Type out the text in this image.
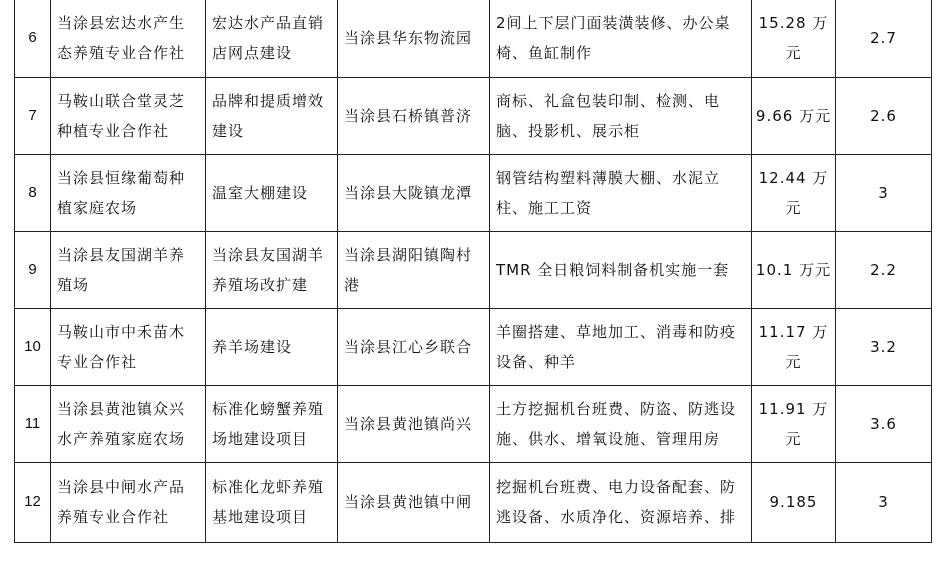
6	当涂县宏达水产生态养殖专业合作社	宏达水产品直销店网点建设	当涂县华东物流园	2间上下层门面装潢装修、办公桌椅、鱼缸制作	15.28 万元	2.7
7	马鞍山联合堂灵芝种植专业合作社	品牌和提质增效建设	当涂县石桥镇普济	商标、礼盒包装印制、检测、电脑、投影机、展示柜	9.66 万元	2.6
8	当涂县恒缘葡萄种植家庭农场	温室大棚建设	当涂县大陇镇龙潭	钢管结构塑料薄膜大棚、水泥立柱、施工工资	12.44 万元	3
9	当涂县友国湖羊养殖场	当涂县友国湖羊养殖场改扩建	当涂县湖阳镇陶村港	TMR 全日粮饲料制备机实施一套	10.1 万元	2.2
10	马鞍山市中禾苗木专业合作社	养羊场建设	当涂县江心乡联合	羊圈搭建、草地加工、消毒和防疫设备、种羊	11.17 万元	3.2
11	当涂县黄池镇众兴水产养殖家庭农场	标准化螃蟹养殖场地建设项目	当涂县黄池镇尚兴	土方挖掘机台班费、防盗、防逃设施、供水、增氧设施、管理用房	11.91 万元	3.6
12	当涂县中闸水产品养殖专业合作社	标准化龙虾养殖基地建设项目	当涂县黄池镇中闸	挖掘机台班费、电力设备配套、防逃设备、水质净化、资源培养、排	9.185	3
